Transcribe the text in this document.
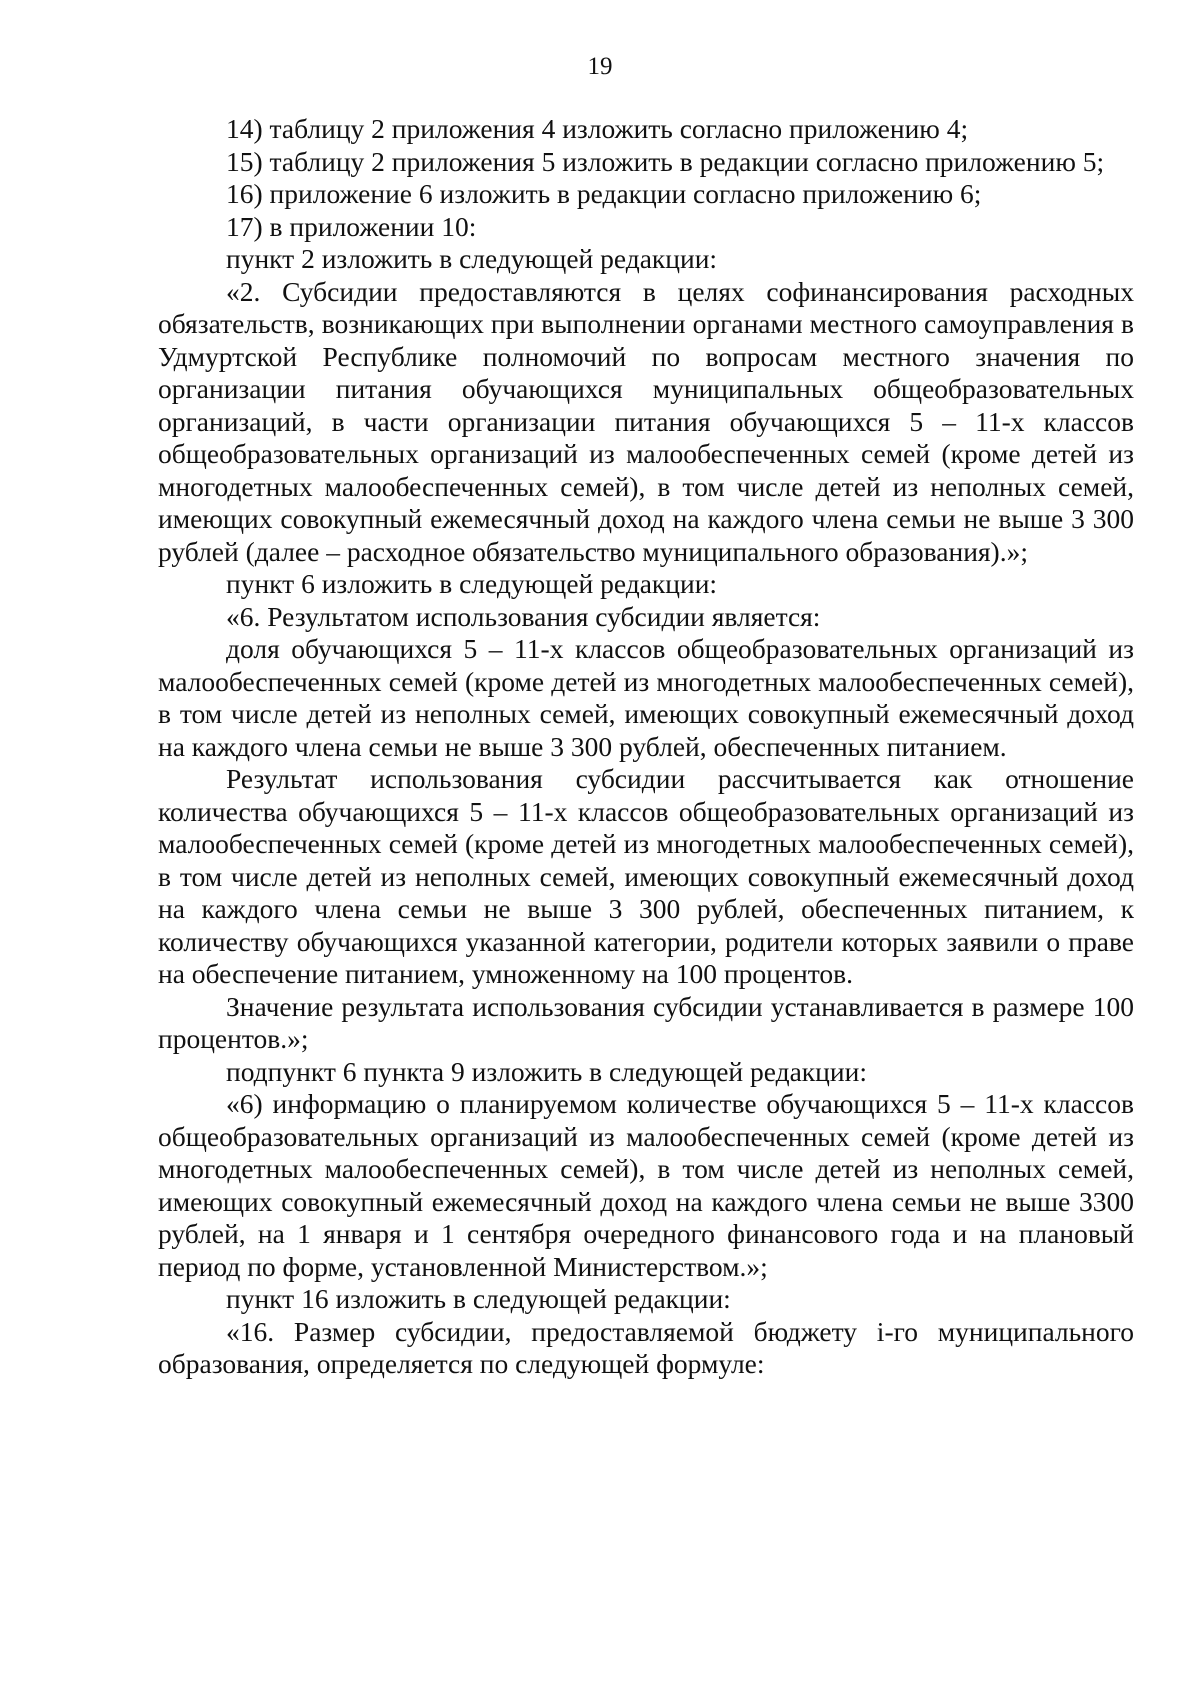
19

14) таблицу 2 приложения 4 изложить согласно приложению 4;

15) таблицу 2 приложения 5 изложить в редакции согласно приложению 5;

16) приложение 6 изложить в редакции согласно приложению 6;

17) в приложении 10:

пункт 2 изложить в следующей редакции:

«2. Субсидии предоставляются в целях софинансирования расходных обязательств, возникающих при выполнении органами местного самоуправления в Удмуртской Республике полномочий по вопросам местного значения по организации питания обучающихся муниципальных общеобразовательных организаций, в части организации питания обучающихся 5 – 11-х классов общеобразовательных организаций из малообеспеченных семей (кроме детей из многодетных малообеспеченных семей), в том числе детей из неполных семей, имеющих совокупный ежемесячный доход на каждого члена семьи не выше 3 300 рублей (далее – расходное обязательство муниципального образования).»;

пункт 6 изложить в следующей редакции:

«6. Результатом использования субсидии является:

доля обучающихся 5 – 11-х классов общеобразовательных организаций из малообеспеченных семей (кроме детей из многодетных малообеспеченных семей), в том числе детей из неполных семей, имеющих совокупный ежемесячный доход на каждого члена семьи не выше 3 300 рублей, обеспеченных питанием.

Результат использования субсидии рассчитывается как отношение количества обучающихся 5 – 11-х классов общеобразовательных организаций из малообеспеченных семей (кроме детей из многодетных малообеспеченных семей), в том числе детей из неполных семей, имеющих совокупный ежемесячный доход на каждого члена семьи не выше 3 300 рублей, обеспеченных питанием, к количеству обучающихся указанной категории, родители которых заявили о праве на обеспечение питанием, умноженному на 100 процентов.

Значение результата использования субсидии устанавливается в размере 100 процентов.»;

подпункт 6 пункта 9 изложить в следующей редакции:

«6) информацию о планируемом количестве обучающихся 5 – 11-х классов общеобразовательных организаций из малообеспеченных семей (кроме детей из многодетных малообеспеченных семей), в том числе детей из неполных семей, имеющих совокупный ежемесячный доход на каждого члена семьи не выше 3300 рублей, на 1 января и 1 сентября очередного финансового года и на плановый период по форме, установленной Министерством.»;

пункт 16 изложить в следующей редакции:

«16. Размер субсидии, предоставляемой бюджету i-го муниципального образования, определяется по следующей формуле:
